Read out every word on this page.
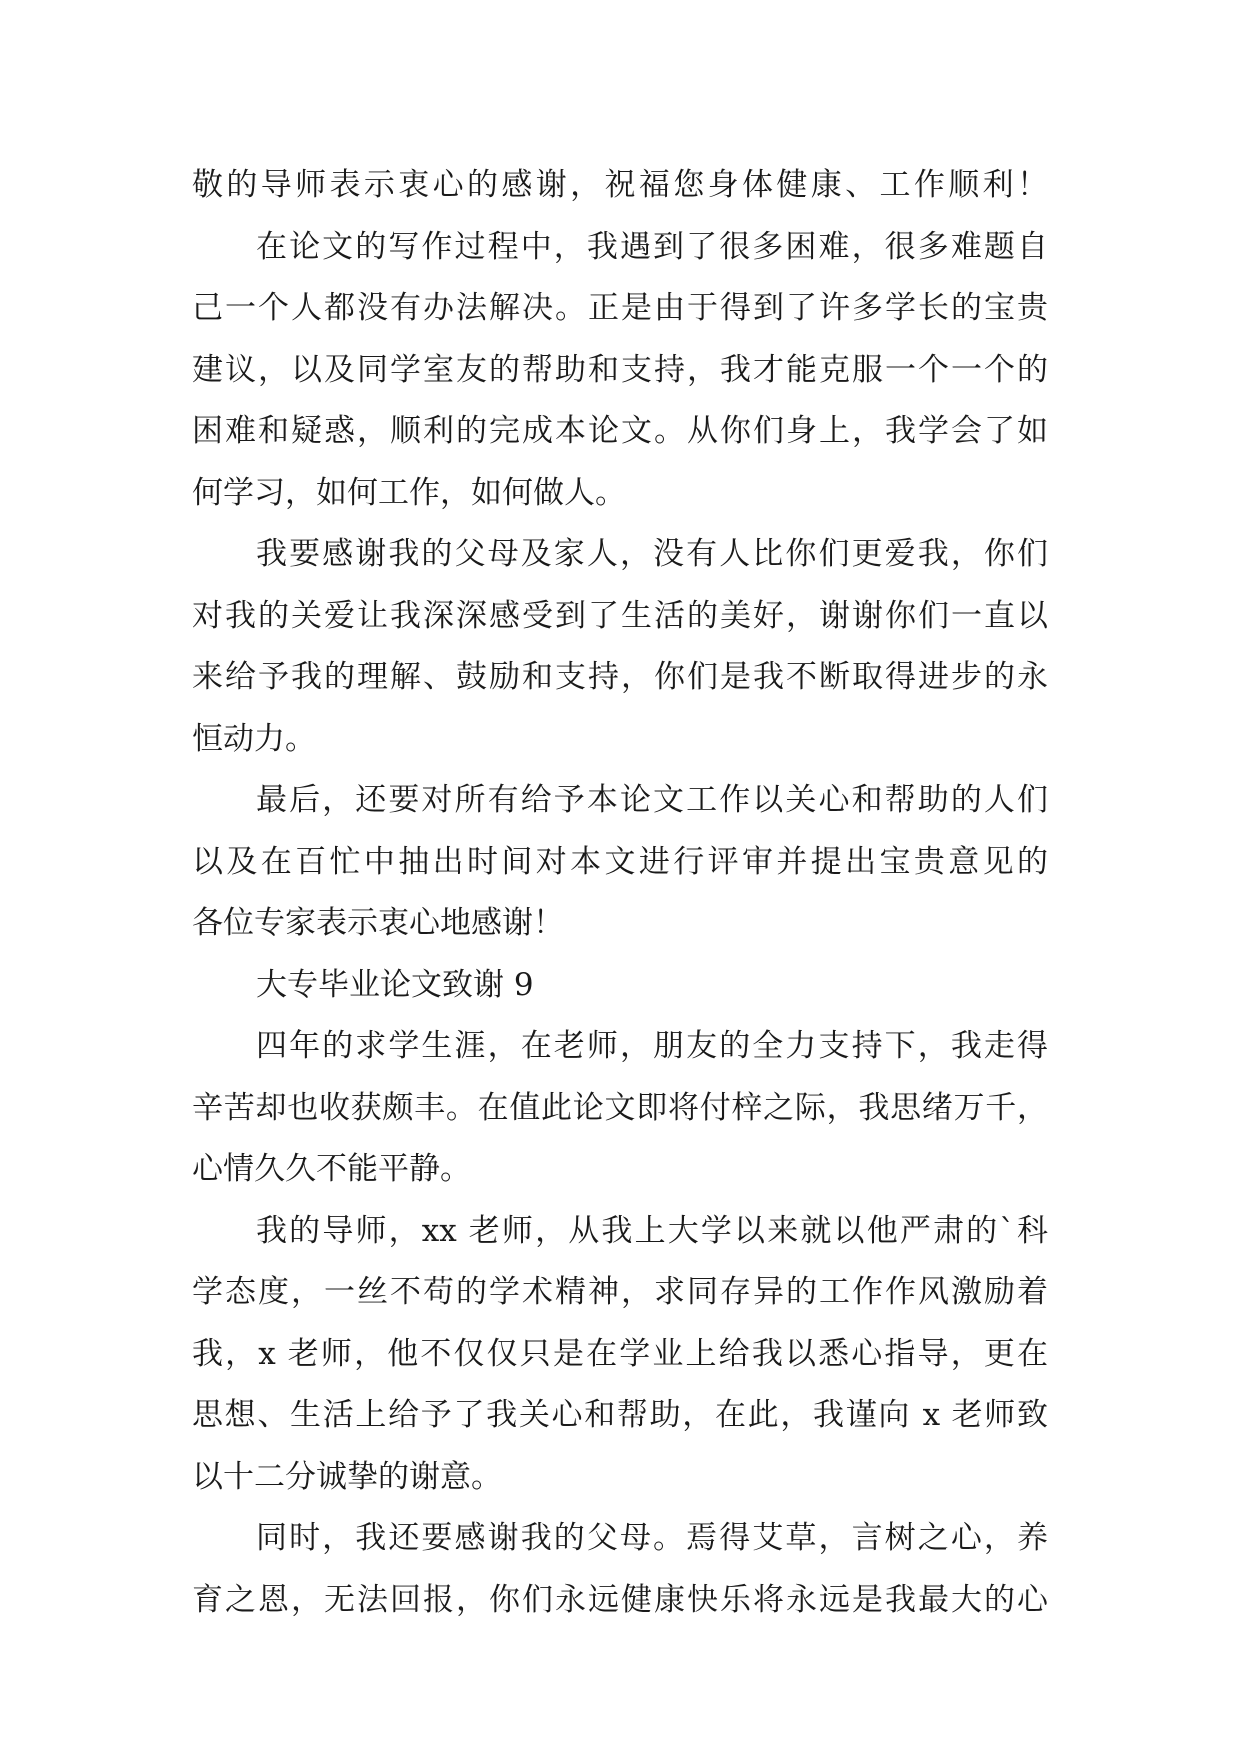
敬的导师表示衷心的感谢，祝福您身体健康、工作顺利！
在论文的写作过程中，我遇到了很多困难，很多难题自
己一个人都没有办法解决。正是由于得到了许多学长的宝贵
建议，以及同学室友的帮助和支持，我才能克服一个一个的
困难和疑惑，顺利的完成本论文。从你们身上，我学会了如
何学习，如何工作，如何做人。
我要感谢我的父母及家人，没有人比你们更爱我，你们
对我的关爱让我深深感受到了生活的美好，谢谢你们一直以
来给予我的理解、鼓励和支持，你们是我不断取得进步的永
恒动力。
最后，还要对所有给予本论文工作以关心和帮助的人们
以及在百忙中抽出时间对本文进行评审并提出宝贵意见的
各位专家表示衷心地感谢！
大专毕业论文致谢 9
四年的求学生涯，在老师，朋友的全力支持下，我走得
辛苦却也收获颇丰。在值此论文即将付梓之际，我思绪万千，
心情久久不能平静。
我的导师，xx 老师，从我上大学以来就以他严肃的`科
学态度，一丝不苟的学术精神，求同存异的工作作风激励着
我，x 老师，他不仅仅只是在学业上给我以悉心指导，更在
思想、生活上给予了我关心和帮助，在此，我谨向 x 老师致
以十二分诚挚的谢意。
同时，我还要感谢我的父母。焉得艾草，言树之心，养
育之恩，无法回报，你们永远健康快乐将永远是我最大的心
